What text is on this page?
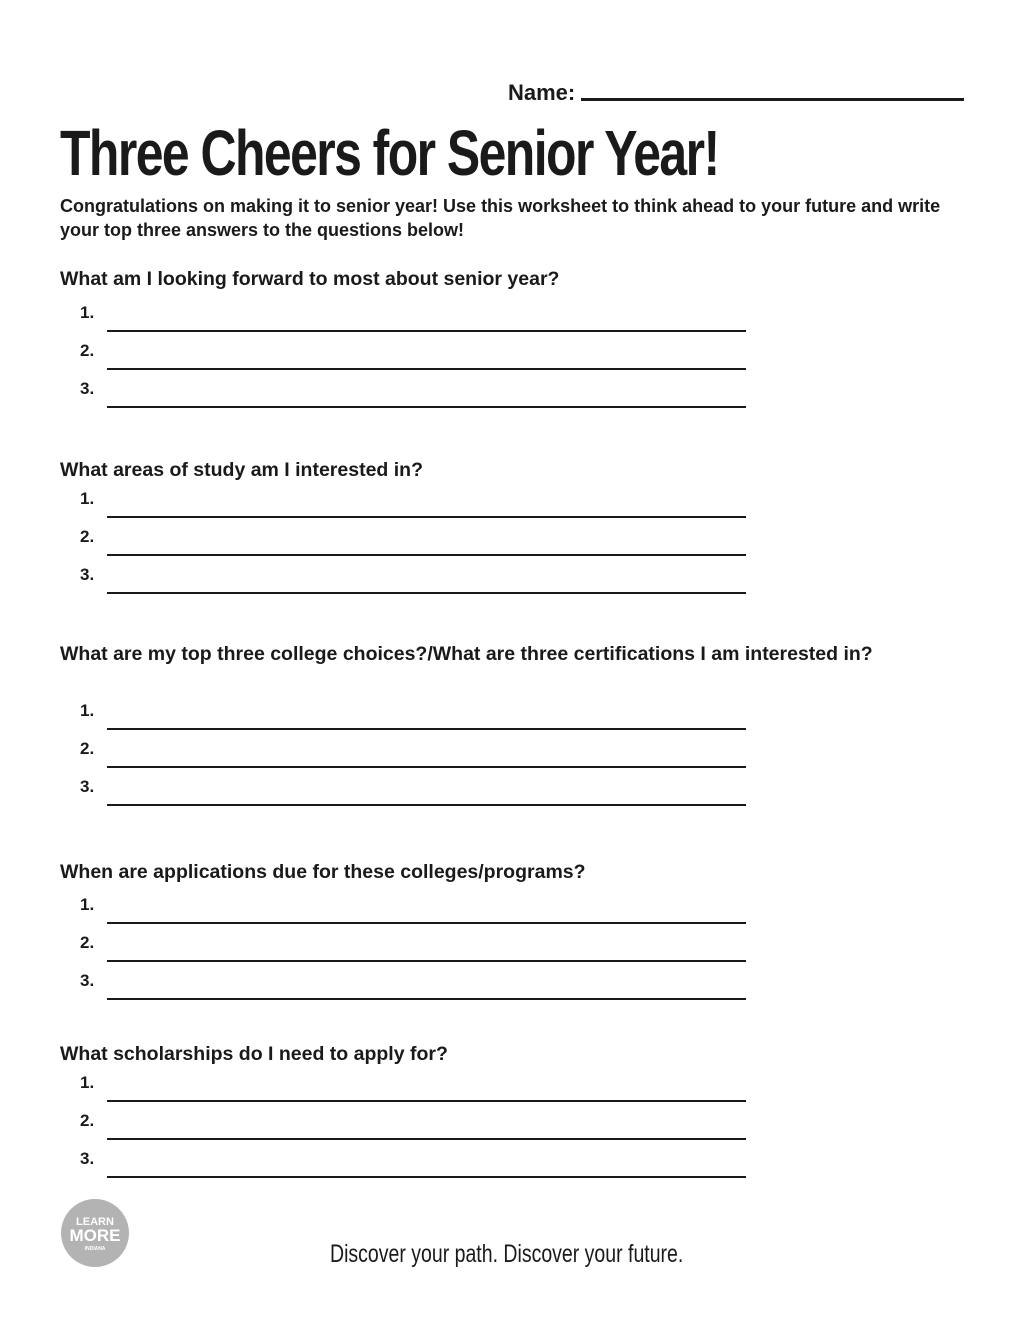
Name:
Three Cheers for Senior Year!

Congratulations on making it to senior year! Use this worksheet to think ahead to your future and write your top three answers to the questions below!

What am I looking forward to most about senior year?

1.
2.
3.

What areas of study am I interested in?

1.
2.
3.

What are my top three college choices?/What are three certifications I am interested in?

1.
2.
3.

When are applications due for these colleges/programs?

1.
2.
3.

What scholarships do I need to apply for?

1.
2.
3.
LEARN
MORE
INDIANA	Discover your path. Discover your future.
